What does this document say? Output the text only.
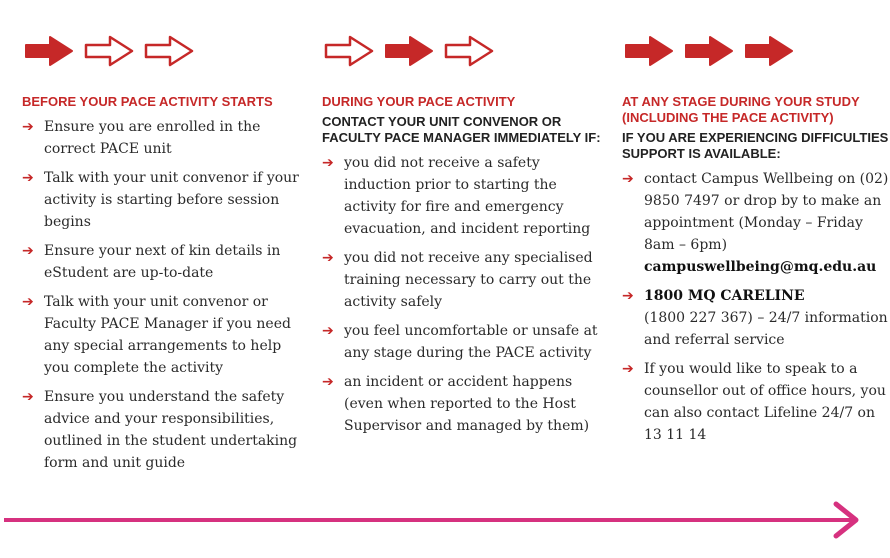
BEFORE YOUR PACE ACTIVITY STARTS
➔ Ensure you are enrolled in the correct PACE unit
➔ Talk with your unit convenor if your activity is starting before session begins
➔ Ensure your next of kin details in eStudent are up-to-date
➔ Talk with your unit convenor or Faculty PACE Manager if you need any special arrangements to help you complete the activity
➔ Ensure you understand the safety advice and your responsibilities, outlined in the student undertaking form and unit guide
DURING YOUR PACE ACTIVITY
CONTACT YOUR UNIT CONVENOR OR FACULTY PACE MANAGER IMMEDIATELY IF:
➔ you did not receive a safety induction prior to starting the activity for fire and emergency evacuation, and incident reporting
➔ you did not receive any specialised training necessary to carry out the activity safely
➔ you feel uncomfortable or unsafe at any stage during the PACE activity
➔ an incident or accident happens (even when reported to the Host Supervisor and managed by them)
AT ANY STAGE DURING YOUR STUDY (INCLUDING THE PACE ACTIVITY)
IF YOU ARE EXPERIENCING DIFFICULTIES SUPPORT IS AVAILABLE:
➔ contact Campus Wellbeing on (02) 9850 7497 or drop by to make an appointment (Monday – Friday 8am – 6pm)
campuswellbeing@mq.edu.au
➔ 1800 MQ CARELINE
(1800 227 367) – 24/7 information and referral service
➔ If you would like to speak to a counsellor out of office hours, you can also contact Lifeline 24/7 on 13 11 14
